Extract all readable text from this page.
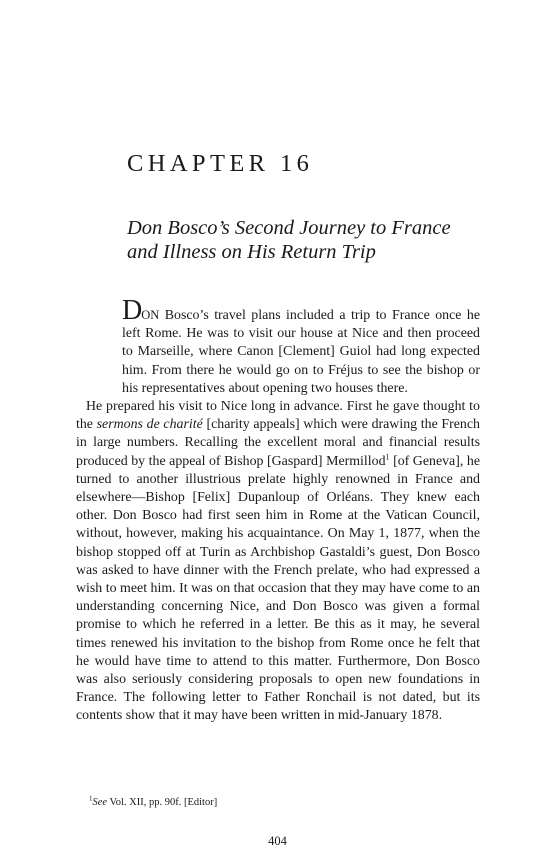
CHAPTER 16
Don Bosco’s Second Journey to France
and Illness on His Return Trip

DON Bosco’s travel plans included a trip to France once he left Rome. He was to visit our house at Nice and then proceed to Marseille, where Canon [Clement] Guiol had long expected him. From there he would go on to Fréjus to see the bishop or his representatives about opening two houses there.

He prepared his visit to Nice long in advance. First he gave thought to the sermons de charité [charity appeals] which were drawing the French in large numbers. Recalling the excellent moral and financial results produced by the appeal of Bishop [Gaspard] Mermillod$^1$ [of Geneva], he turned to another illustrious prelate highly renowned in France and elsewhere—Bishop [Felix] Dupanloup of Orléans. They knew each other. Don Bosco had first seen him in Rome at the Vatican Council, without, however, making his acquaintance. On May 1, 1877, when the bishop stopped off at Turin as Archbishop Gastaldi’s guest, Don Bosco was asked to have dinner with the French prelate, who had expressed a wish to meet him. It was on that occasion that they may have come to an understanding concerning Nice, and Don Bosco was given a formal promise to which he referred in a letter. Be this as it may, he several times renewed his invitation to the bishop from Rome once he felt that he would have time to attend to this matter. Furthermore, Don Bosco was also seriously considering proposals to open new foundations in France. The following letter to Father Ronchail is not dated, but its contents show that it may have been written in mid-January 1878.

$^1$See Vol. XII, pp. 90f. [Editor]
404
